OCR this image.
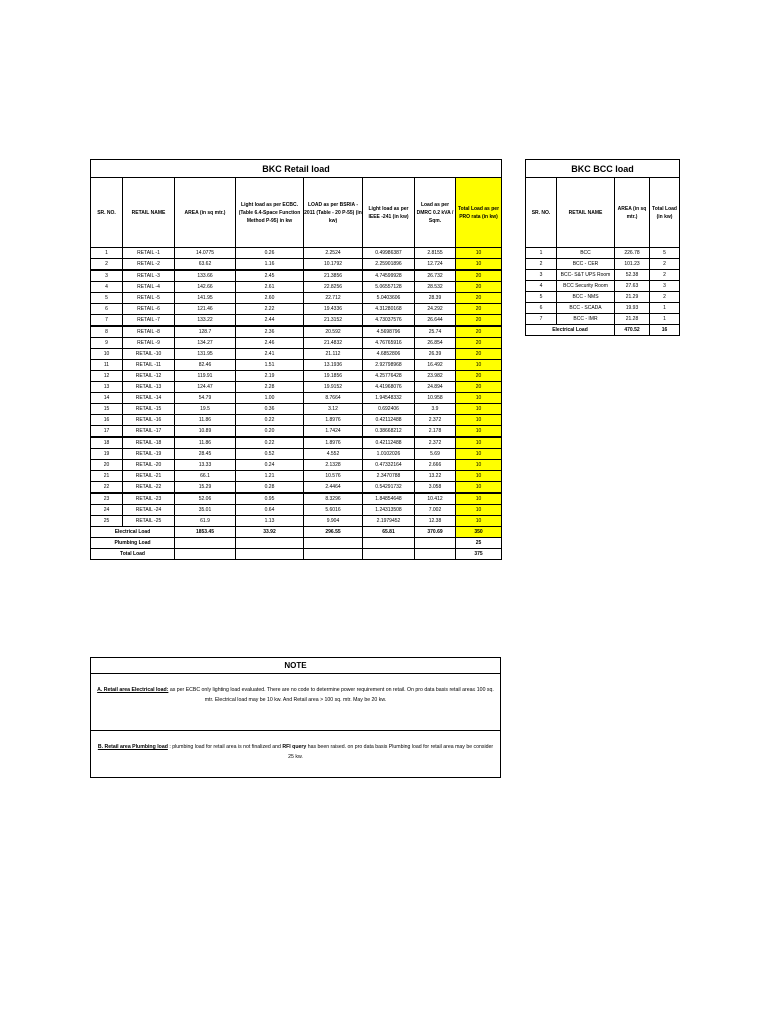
BKC Retail load							
SR. NO.	RETAIL NAME	AREA (in sq mtr.)	Light load as per ECBC. (Table 6.4-Space Function Method P-95) in kw	LOAD as per BSRIA - 2011 (Table - 20 P-55) (in kw)	Light load as per IEEE -241 (in kw)	Load as per DMRC 0.2 kVA / Sqm.	Total Load as per PRO rata (in kw)
1	RETAIL -1	14.0775	0.26	2.2524	0.49986387	2.8155	10
2	RETAIL -2	63.62	1.16	10.1792	2.25901896	12.724	10
3	RETAIL -3	133.66	2.45	21.3856	4.74599928	26.732	20
4	RETAIL -4	142.66	2.61	22.8256	5.06557128	28.532	20
5	RETAIL -5	141.95	2.60	22.712	5.0403606	28.39	20
6	RETAIL -6	121.46	2.22	19.4336	4.31280168	24.292	20
7	RETAIL -7	133.22	2.44	21.3152	4.73037576	26.644	20
8	RETAIL -8	128.7	2.36	20.592	4.5698796	25.74	20
9	RETAIL -9	134.27	2.46	21.4832	4.76765916	26.854	20
10	RETAIL -10	131.95	2.41	21.112	4.6852806	26.39	20
11	RETAIL -11	82.46	1.51	13.1936	2.92798968	16.492	10
12	RETAIL -12	119.91	2.19	19.1856	4.25776428	23.982	20
13	RETAIL -13	124.47	2.28	19.9152	4.41968076	24.894	20
14	RETAIL -14	54.79	1.00	8.7664	1.94548332	10.958	10
15	RETAIL -15	19.5	0.36	3.12	0.692406	3.9	10
16	RETAIL -16	11.86	0.22	1.8976	0.42112488	2.372	10
17	RETAIL -17	10.89	0.20	1.7424	0.38668212	2.178	10
18	RETAIL -18	11.86	0.22	1.8976	0.42112488	2.372	10
19	RETAIL -19	28.45	0.52	4.552	1.0102026	5.69	10
20	RETAIL -20	13.33	0.24	2.1328	0.47332164	2.666	10
21	RETAIL -21	66.1	1.21	10.576	2.3470788	13.22	10
22	RETAIL -22	15.29	0.28	2.4464	0.54291732	3.058	10
23	RETAIL -23	52.06	0.95	8.3296	1.84854648	10.412	10
24	RETAIL -24	35.01	0.64	5.6016	1.24313508	7.002	10
25	RETAIL -25	61.9	1.13	9.904	2.1979452	12.38	10
Electrical Load		1853.45	33.92	296.55	65.81	370.69	350
Plumbing Load							25
Total Load							375
BKC BCC load			
SR. NO.	RETAIL NAME	AREA (in sq mtr.)	Total Load (in kw)
1	BCC	226.78	5
2	BCC - CER	101.23	2
3	BCC- S&T UPS Room	52.38	2
4	BCC Security Room	27.63	3
5	BCC - NMS	21.29	2
6	BCC - SCADA	19.93	1
7	BCC - IMR	21.28	1
Electrical Load		470.52	16
NOTE
A. Retail area Electrical load: as per ECBC only lighting load evaluated. There are no code to determine power requirement on retail. On pro data basis retail area≤ 100 sq. mtr. Electrical load may be 10 kw. And Retail area > 100 sq. mtr. May be 20 kw.
B. Retail area Plumbing load : plumbing load for retail area is not finalized and RFI query has been raised. on pro data basis Plumbing load for retail area may be consider 25 kw.
